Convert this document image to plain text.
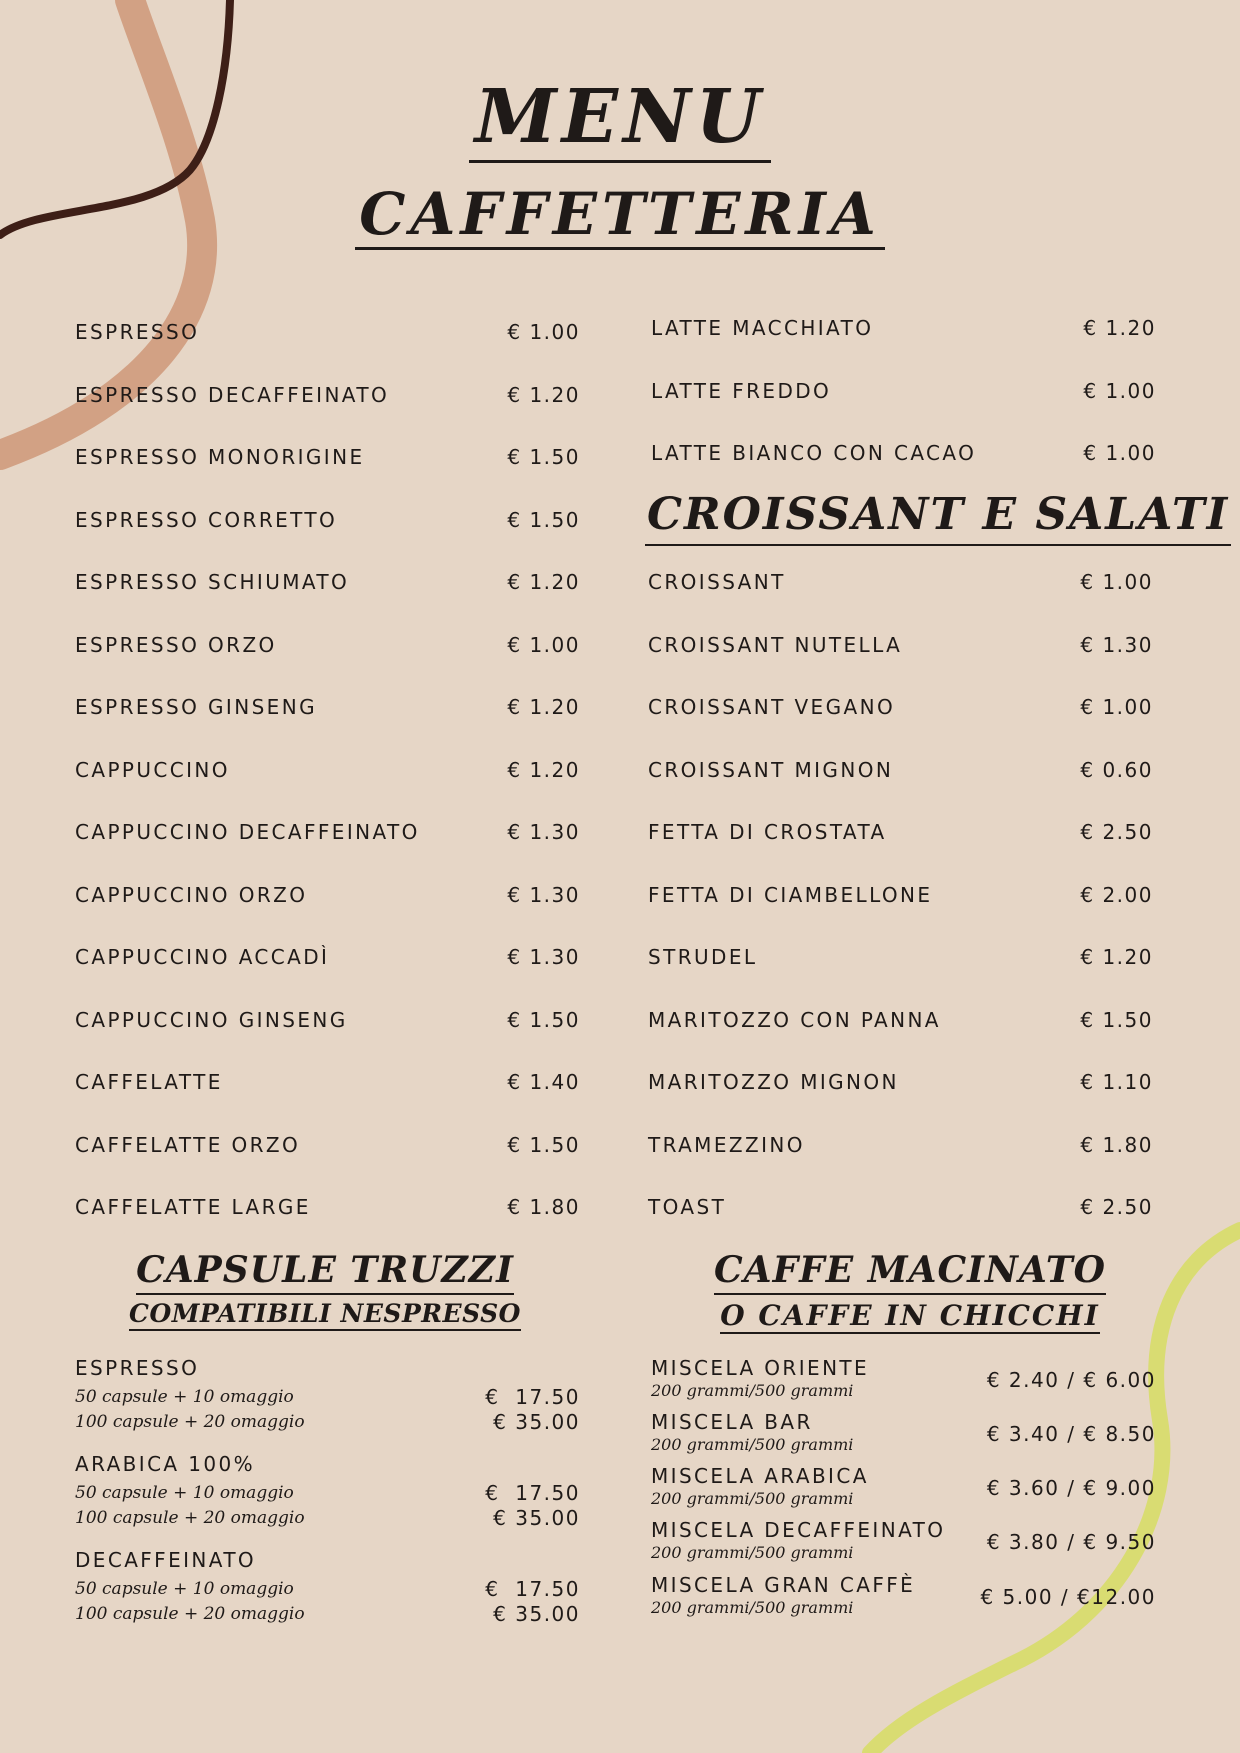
MENU
CAFFETTERIA
ESPRESSO	€ 1.00
ESPRESSO DECAFFEINATO	€ 1.20
ESPRESSO MONORIGINE	€ 1.50
ESPRESSO CORRETTO	€ 1.50
ESPRESSO SCHIUMATO	€ 1.20
ESPRESSO ORZO	€ 1.00
ESPRESSO GINSENG	€ 1.20
CAPPUCCINO	€ 1.20
CAPPUCCINO DECAFFEINATO	€ 1.30
CAPPUCCINO ORZO	€ 1.30
CAPPUCCINO ACCADÌ	€ 1.30
CAPPUCCINO GINSENG	€ 1.50
CAFFELATTE	€ 1.40
CAFFELATTE ORZO	€ 1.50
CAFFELATTE LARGE	€ 1.80
LATTE MACCHIATO	€ 1.20
LATTE FREDDO	€ 1.00
LATTE BIANCO CON CACAO	€ 1.00
CROISSANT E SALATI
CROISSANT	€ 1.00
CROISSANT NUTELLA	€ 1.30
CROISSANT VEGANO	€ 1.00
CROISSANT MIGNON	€ 0.60
FETTA DI CROSTATA	€ 2.50
FETTA DI CIAMBELLONE	€ 2.00
STRUDEL	€ 1.20
MARITOZZO CON PANNA	€ 1.50
MARITOZZO MIGNON	€ 1.10
TRAMEZZINO	€ 1.80
TOAST	€ 2.50
CAPSULE TRUZZI
COMPATIBILI NESPRESSO
ESPRESSO
50 capsule + 10 omaggio	€  17.50
100 capsule + 20 omaggio	€ 35.00
ARABICA 100%
50 capsule + 10 omaggio	€  17.50
100 capsule + 20 omaggio	€ 35.00
DECAFFEINATO
50 capsule + 10 omaggio	€  17.50
100 capsule + 20 omaggio	€ 35.00
CAFFE MACINATO
O CAFFE IN CHICCHI
MISCELA ORIENTE
200 grammi/500 grammi	€ 2.40 / € 6.00
MISCELA BAR
200 grammi/500 grammi	€ 3.40 / € 8.50
MISCELA ARABICA
200 grammi/500 grammi	€ 3.60 / € 9.00
MISCELA DECAFFEINATO
200 grammi/500 grammi	€ 3.80 / € 9.50
MISCELA GRAN CAFFÈ
200 grammi/500 grammi	€ 5.00 / €12.00
